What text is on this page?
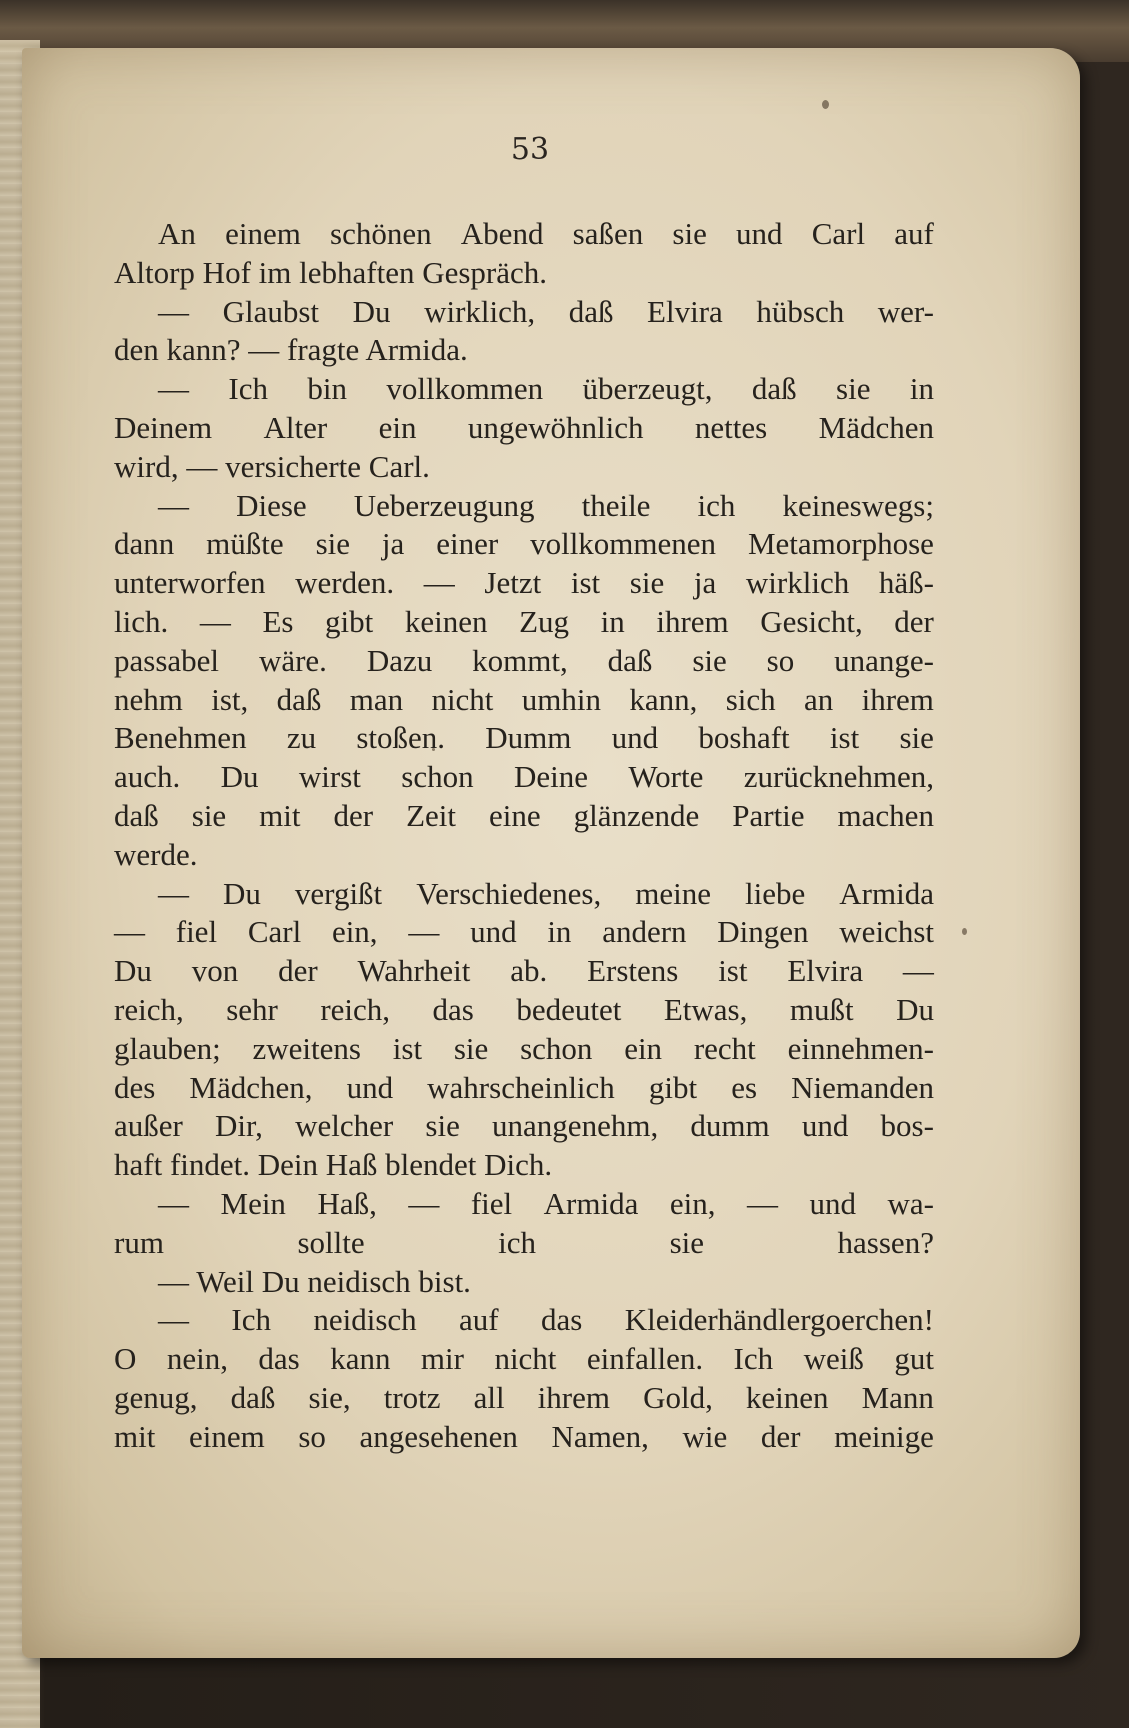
53
An einem schönen Abend saßen sie und Carl auf
Altorp Hof im lebhaften Gespräch.
— Glaubst Du wirklich, daß Elvira hübsch wer-
den kann? — fragte Armida.
— Ich bin vollkommen überzeugt, daß sie in
Deinem Alter ein ungewöhnlich nettes Mädchen
wird, — versicherte Carl.
— Diese Ueberzeugung theile ich keineswegs;
dann müßte sie ja einer vollkommenen Metamorphose
unterworfen werden. — Jetzt ist sie ja wirklich häß-
lich. — Es gibt keinen Zug in ihrem Gesicht, der
passabel wäre. Dazu kommt, daß sie so unange-
nehm ist, daß man nicht umhin kann, sich an ihrem
Benehmen zu stoßen. Dumm und boshaft ist sie
auch. Du wirst schon Deine Worte zurücknehmen,
daß sie mit der Zeit eine glänzende Partie machen
werde.
— Du vergißt Verschiedenes, meine liebe Armida
— fiel Carl ein, — und in andern Dingen weichst
Du von der Wahrheit ab. Erstens ist Elvira —
reich, sehr reich, das bedeutet Etwas, mußt Du
glauben; zweitens ist sie schon ein recht einnehmen-
des Mädchen, und wahrscheinlich gibt es Niemanden
außer Dir, welcher sie unangenehm, dumm und bos-
haft findet. Dein Haß blendet Dich.
— Mein Haß, — fiel Armida ein, — und wa-
rum	sollte	ich	sie	hassen?
— Weil Du neidisch bist.
— Ich neidisch auf das Kleiderhändlergoerchen!
O nein, das kann mir nicht einfallen. Ich weiß gut
genug, daß sie, trotz all ihrem Gold, keinen Mann
mit einem so angesehenen Namen, wie der meinige
